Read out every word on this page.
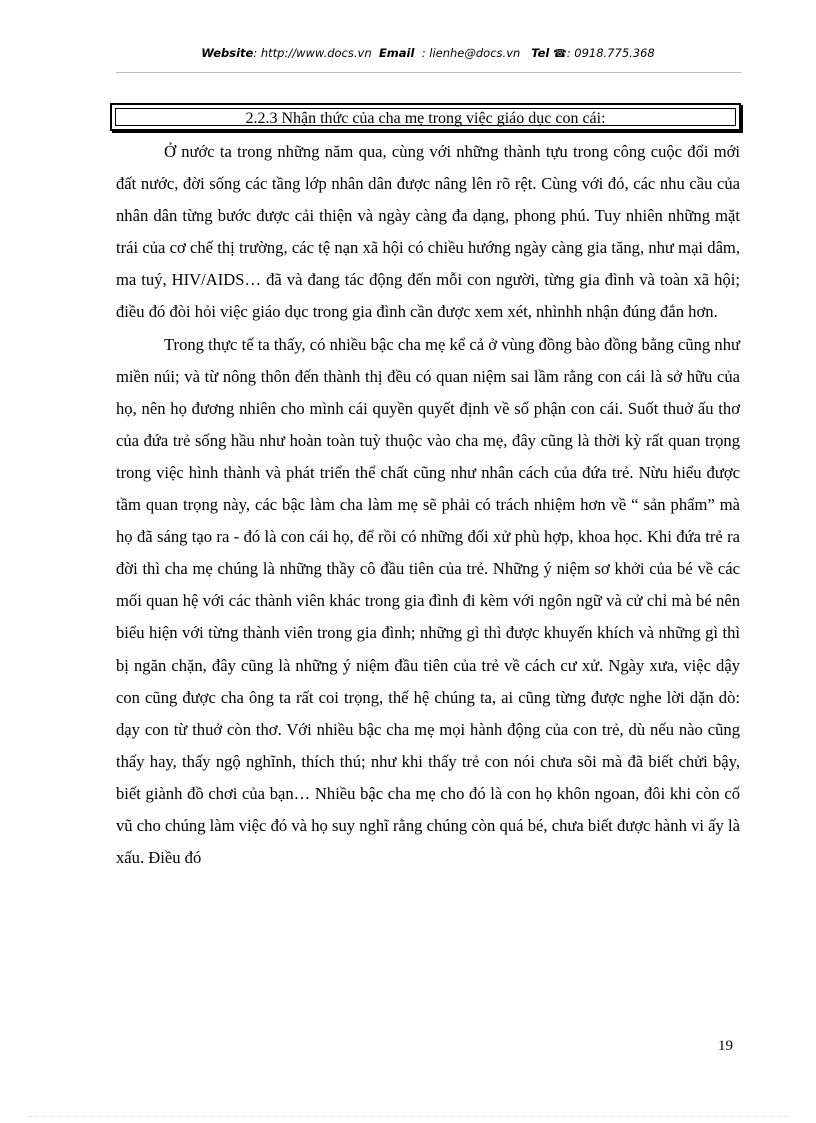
Website: http://www.docs.vn Email : lienhe@docs.vn Tel ☎: 0918.775.368
2.2.3 Nhận thức của cha mẹ trong việc giáo dục con cái:

Ở nước ta trong những năm qua, cùng với những thành tựu trong công cuộc đổi mới đất nước, đời sống các tầng lớp nhân dân được nâng lên rõ rệt. Cùng với đó, các nhu cầu của nhân dân từng bước được cải thiện và ngày càng đa dạng, phong phú. Tuy nhiên những mặt trái của cơ chế thị trường, các tệ nạn xã hội có chiều hướng ngày càng gia tăng, như mại dâm, ma tuý, HIV/AIDS… đã và đang tác động đến mỗi con người, từng gia đình và toàn xã hội; điều đó đòi hỏi việc giáo dục trong gia đình cần được xem xét, nhìnhh nhận đúng đắn hơn.

Trong thực tế ta thấy, có nhiều bậc cha mẹ kể cả ở vùng đồng bào đồng bằng cũng như miền núi; và từ nông thôn đến thành thị đều có quan niệm sai lầm rằng con cái là sở hữu của họ, nên họ đương nhiên cho mình cái quyền quyết định về số phận con cái. Suốt thuở ấu thơ của đứa trẻ sống hầu như hoàn toàn tuỳ thuộc vào cha mẹ, đây cũng là thời kỳ rất quan trọng trong việc hình thành và phát triển thể chất cũng như nhân cách của đứa trẻ. Nừu hiểu được tầm quan trọng này, các bậc làm cha làm mẹ sẽ phải có trách nhiệm hơn về “ sản phẩm” mà họ đã sáng tạo ra - đó là con cái họ, để rồi có những đối xử phù hợp, khoa học. Khi đứa trẻ ra đời thì cha mẹ chúng là những thầy cô đầu tiên của trẻ. Những ý niệm sơ khởi của bé về các mối quan hệ với các thành viên khác trong gia đình đi kèm với ngôn ngữ và cử chỉ mà bé nên biểu hiện với từng thành viên trong gia đình; những gì thì được khuyến khích và những gì thì bị ngăn chặn, đây cũng là những ý niệm đầu tiên của trẻ về cách cư xử. Ngày xưa, việc dậy con cũng được cha ông ta rất coi trọng, thế hệ chúng ta, ai cũng từng được nghe lời dặn dò: dạy con từ thuở còn thơ. Với nhiều bậc cha mẹ mọi hành động của con trẻ, dù nếu nào cũng thấy hay, thấy ngộ nghĩnh, thích thú; như khi thấy trẻ con nói chưa sõi mà đã biết chửi bậy, biết giành đồ chơi của bạn… Nhiều bậc cha mẹ cho đó là con họ khôn ngoan, đôi khi còn cổ vũ cho chúng làm việc đó và họ suy nghĩ rằng chúng còn quá bé, chưa biết được hành vi ấy là xấu. Điều đó

19
